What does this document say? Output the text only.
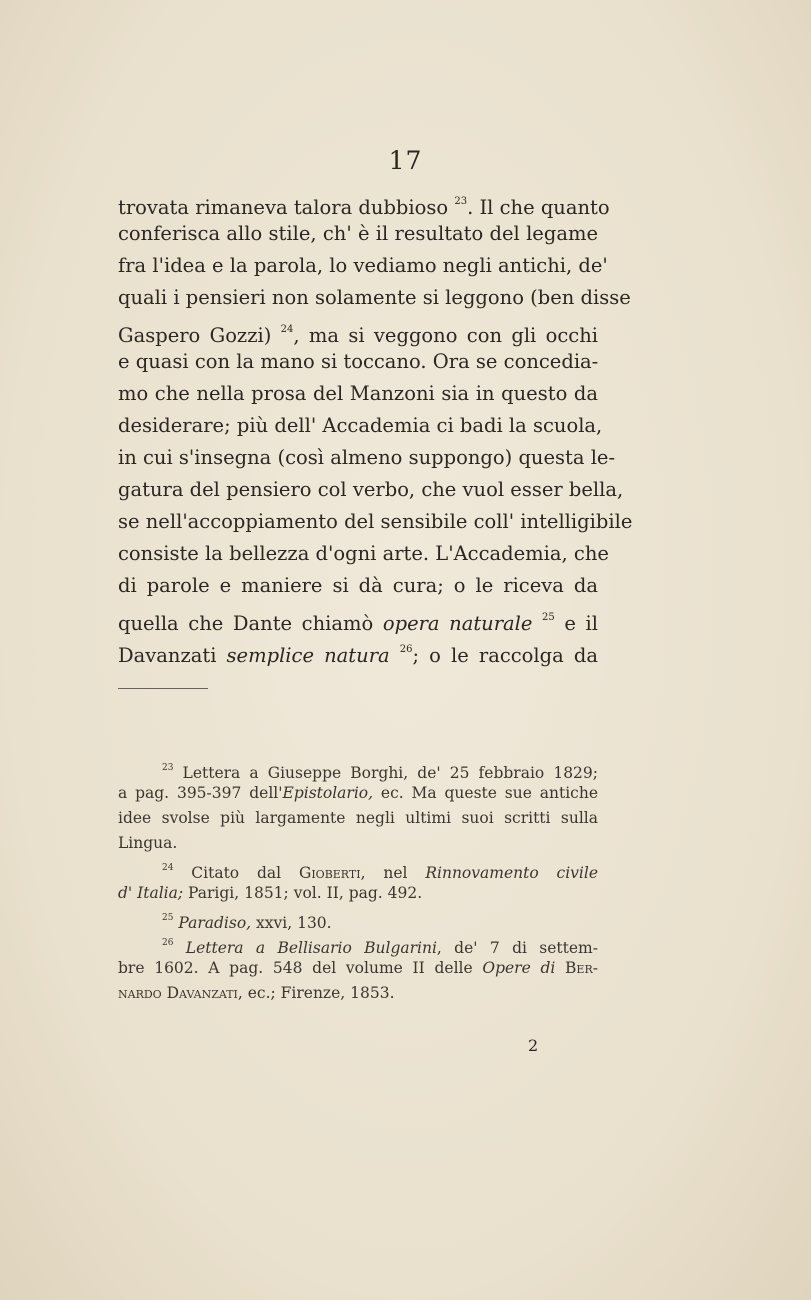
17
trovata rimaneva talora dubbioso $^{23}$. Il che quanto
conferisca allo stile, ch' è il resultato del legame
fra l'idea e la parola, lo vediamo negli antichi, de'
quali i pensieri non solamente si leggono (ben disse
Gaspero Gozzi) $^{24}$, ma si veggono con gli occhi
e quasi con la mano si toccano. Ora se concedia-
mo che nella prosa del Manzoni sia in questo da
desiderare; più dell' Accademia ci badi la scuola,
in cui s'insegna (così almeno suppongo) questa le-
gatura del pensiero col verbo, che vuol esser bella,
se nell'accoppiamento del sensibile coll' intelligibile
consiste la bellezza d'ogni arte. L'Accademia, che
di parole e maniere si dà cura; o le riceva da
quella che Dante chiamò opera naturale $^{25}$ e il
Davanzati semplice natura $^{26}$; o le raccolga da
$^{23}$ Lettera a Giuseppe Borghi, de' 25 febbraio 1829;
a pag. 395-397 dell'Epistolario, ec. Ma queste sue antiche
idee svolse più largamente negli ultimi suoi scritti sulla
Lingua.
$^{24}$ Citato dal Gioberti, nel Rinnovamento civile
d' Italia; Parigi, 1851; vol. II, pag. 492.
$^{25}$ Paradiso, xxvi, 130.
$^{26}$ Lettera a Bellisario Bulgarini, de' 7 di settem-
bre 1602. A pag. 548 del volume II delle Opere di Ber-
nardo Davanzati, ec.; Firenze, 1853.
2
